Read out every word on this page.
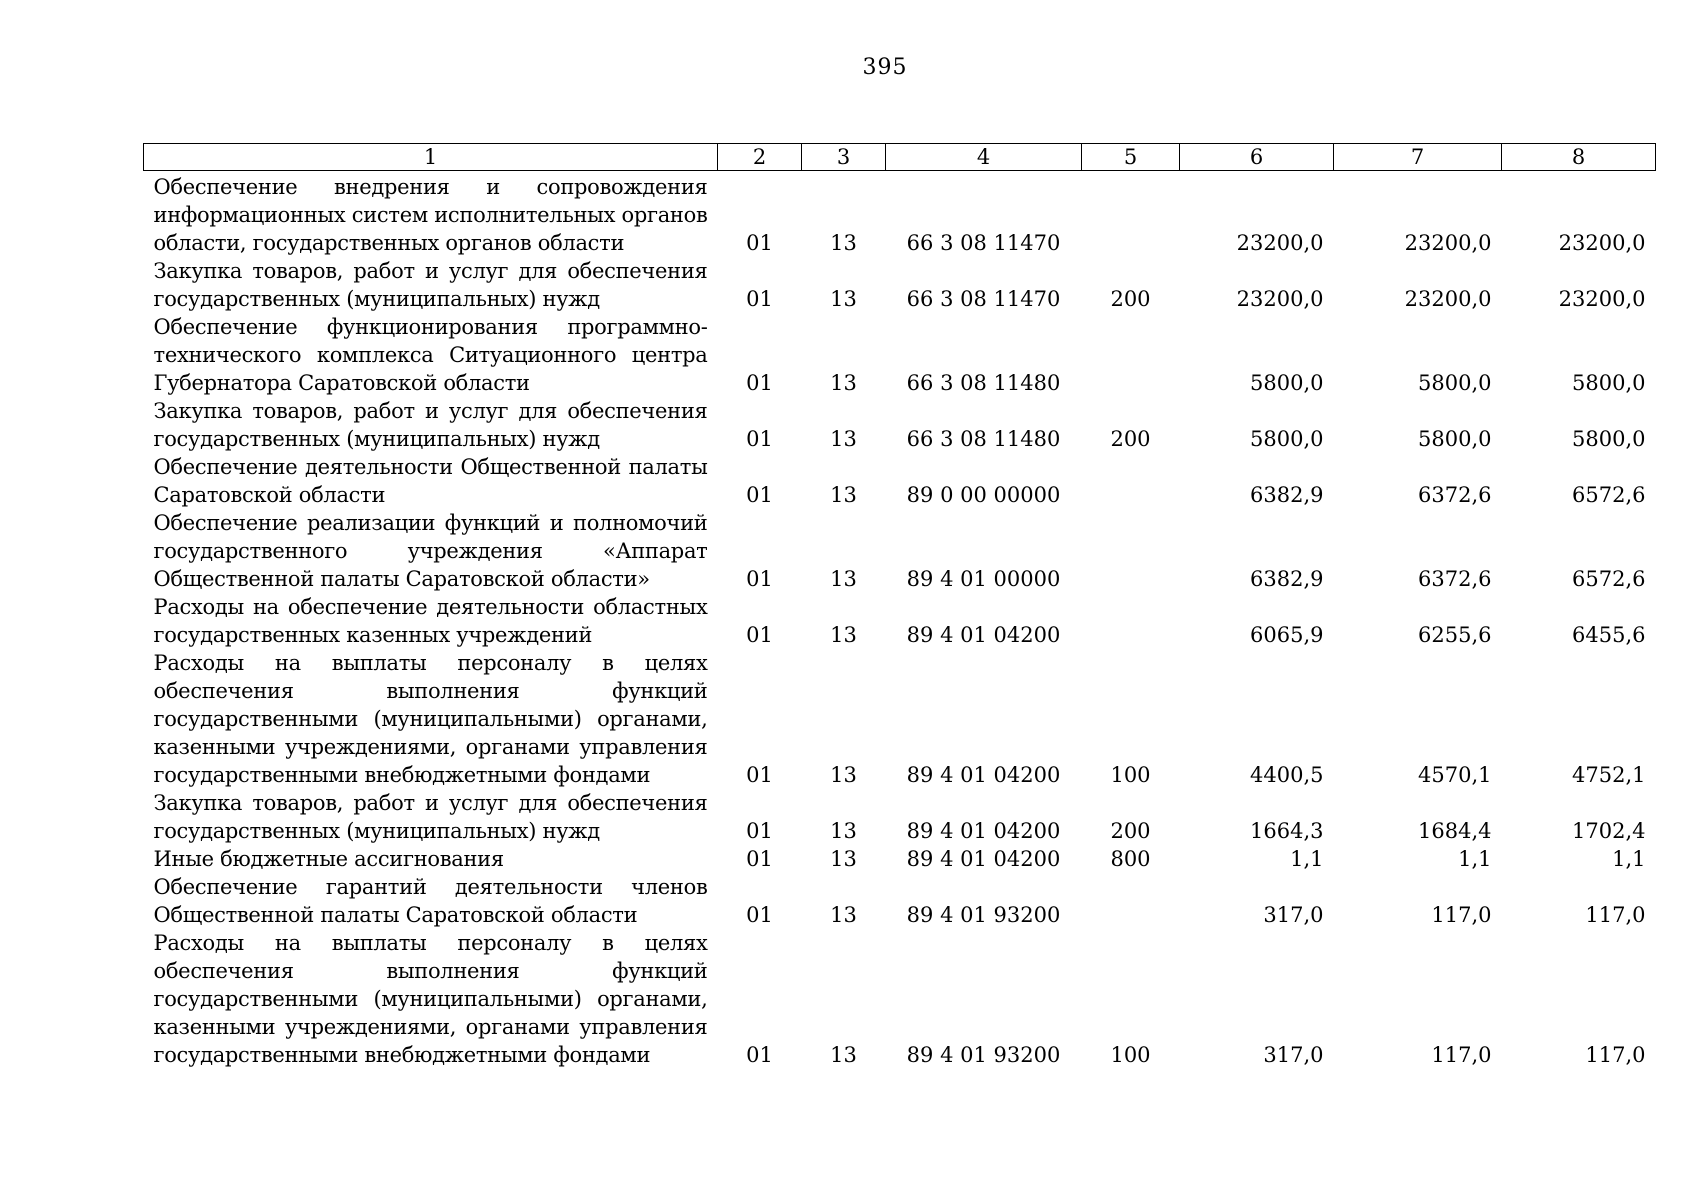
395
1	2	3	4	5	6	7	8
Обеспечение внедрения и сопровождения информационных систем исполнительных органов области, государственных органов области	01	13	66 3 08 11470		23200,0	23200,0	23200,0
Закупка товаров, работ и услуг для обеспечения государственных (муниципальных) нужд	01	13	66 3 08 11470	200	23200,0	23200,0	23200,0
Обеспечение функционирования программно-технического комплекса Ситуационного центра Губернатора Саратовской области	01	13	66 3 08 11480		5800,0	5800,0	5800,0
Закупка товаров, работ и услуг для обеспечения государственных (муниципальных) нужд	01	13	66 3 08 11480	200	5800,0	5800,0	5800,0
Обеспечение деятельности Общественной палаты Саратовской области	01	13	89 0 00 00000		6382,9	6372,6	6572,6
Обеспечение реализации функций и полномочий государственного учреждения «Аппарат Общественной палаты Саратовской области»	01	13	89 4 01 00000		6382,9	6372,6	6572,6
Расходы на обеспечение деятельности областных государственных казенных учреждений	01	13	89 4 01 04200		6065,9	6255,6	6455,6
Расходы на выплаты персоналу в целях обеспечения выполнения функций государственными (муниципальными) органами, казенными учреждениями, органами управления государственными внебюджетными фондами	01	13	89 4 01 04200	100	4400,5	4570,1	4752,1
Закупка товаров, работ и услуг для обеспечения государственных (муниципальных) нужд	01	13	89 4 01 04200	200	1664,3	1684,4	1702,4
Иные бюджетные ассигнования	01	13	89 4 01 04200	800	1,1	1,1	1,1
Обеспечение гарантий деятельности членов Общественной палаты Саратовской области	01	13	89 4 01 93200		317,0	117,0	117,0
Расходы на выплаты персоналу в целях обеспечения выполнения функций государственными (муниципальными) органами, казенными учреждениями, органами управления государственными внебюджетными фондами	01	13	89 4 01 93200	100	317,0	117,0	117,0
